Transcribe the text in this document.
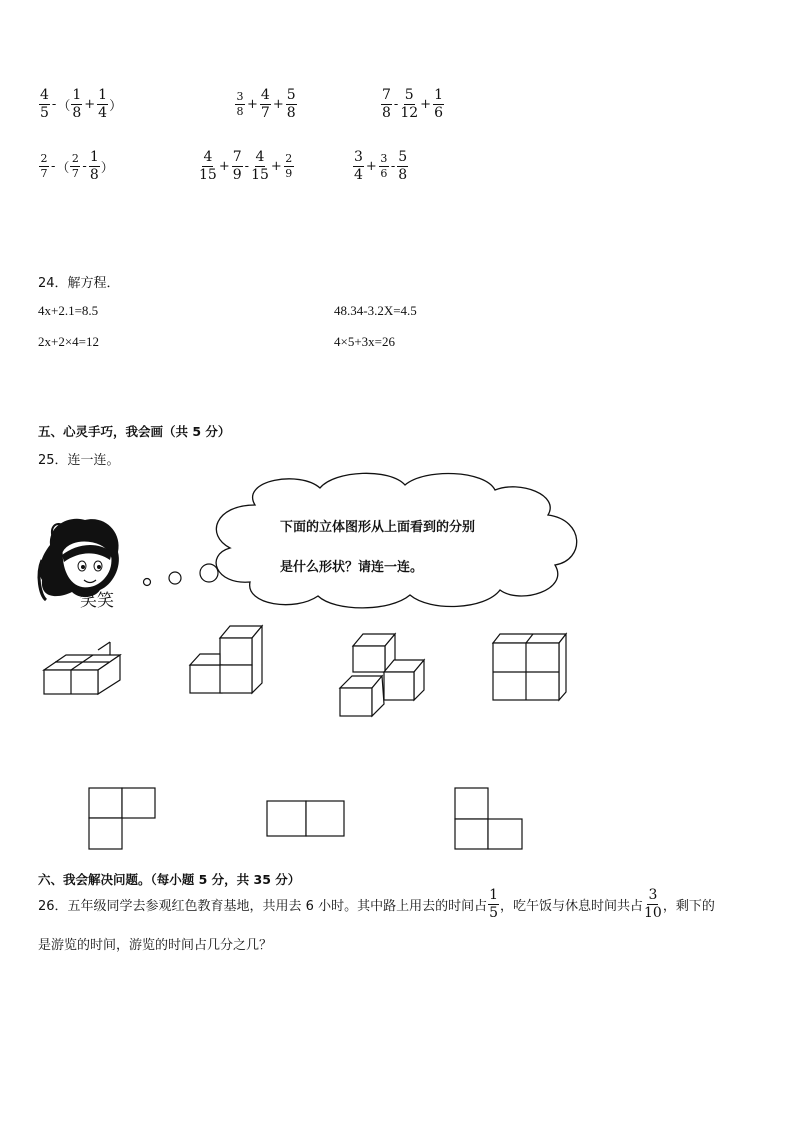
$\frac{4}{5}$ - （ $\frac{1}{8} + \frac{1}{4}$ ）	$\frac{3}{8} + \frac{4}{7} + \frac{5}{8}$	$\frac{7}{8} - \frac{5}{12} + \frac{1}{6}$
$\frac{2}{7}$ - （ $\frac{2}{7} - \frac{1}{8}$ ）	$\frac{4}{15} + \frac{7}{9} - \frac{4}{15} + \frac{2}{9}$	$\frac{3}{4} + \frac{3}{6} - \frac{5}{8}$
24．解方程．
4x+2.1=8.5	48.34-3.2X=4.5
2x+2×4=12	4×5+3x=26
五、心灵手巧，我会画（共 5 分）
25．连一连。
下面的立体图形从上面看到的分别
是什么形状？请连一连。
笑笑
六、我会解决问题。（每小题 5 分，共 35 分）
26．五年级同学去参观红色教育基地，共用去 6 小时。其中路上用去的时间占 $\frac{1}{5}$ ，吃午饭与休息时间共占 $\frac{3}{10}$ ，剩下的
是游览的时间，游览的时间占几分之几？
